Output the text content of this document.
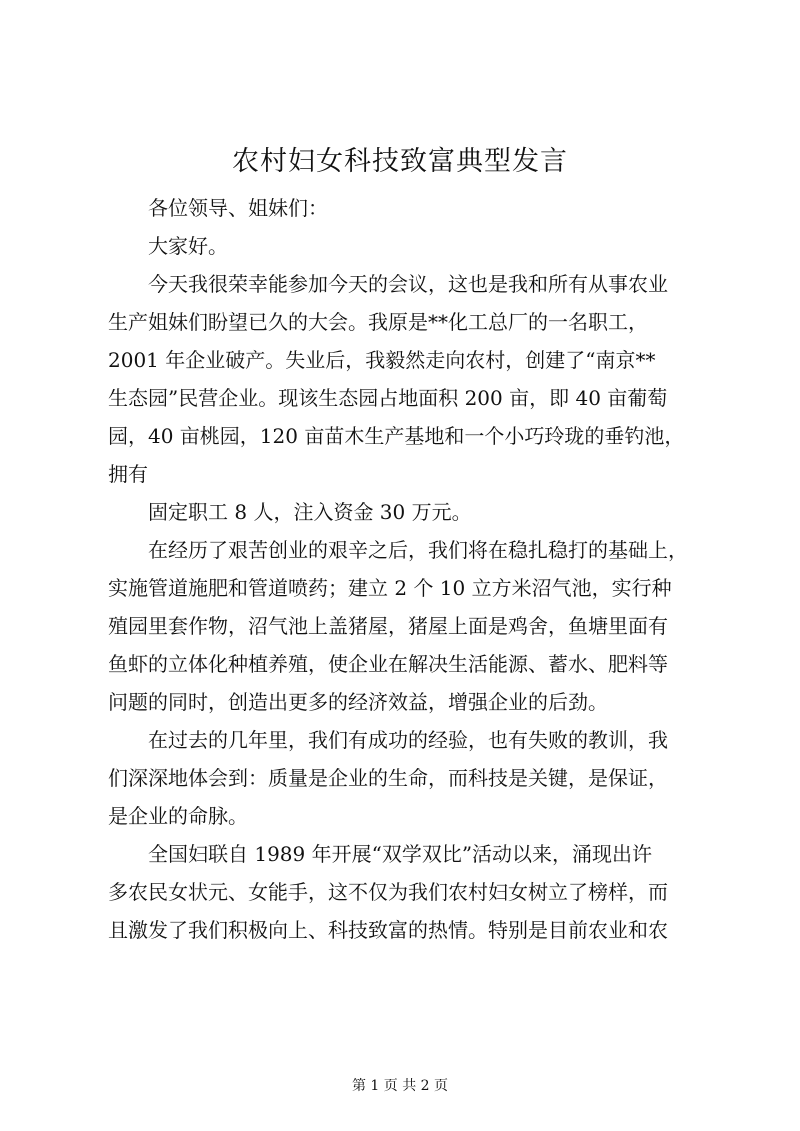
农村妇女科技致富典型发言

各位领导、姐妹们：

大家好。

今天我很荣幸能参加今天的会议，这也是我和所有从事农业
生产姐妹们盼望已久的大会。我原是**化工总厂的一名职工，
2001 年企业破产。失业后，我毅然走向农村，创建了“南京**
生态园”民营企业。现该生态园占地面积 200 亩，即 40 亩葡萄
园，40 亩桃园，120 亩苗木生产基地和一个小巧玲珑的垂钓池，
拥有

固定职工 8 人，注入资金 30 万元。

在经历了艰苦创业的艰辛之后，我们将在稳扎稳打的基础上，
实施管道施肥和管道喷药；建立 2 个 10 立方米沼气池，实行种
殖园里套作物，沼气池上盖猪屋，猪屋上面是鸡舍，鱼塘里面有
鱼虾的立体化种植养殖，使企业在解决生活能源、蓄水、肥料等
问题的同时，创造出更多的经济效益，增强企业的后劲。

在过去的几年里，我们有成功的经验，也有失败的教训，我
们深深地体会到：质量是企业的生命，而科技是关键，是保证，
是企业的命脉。

全国妇联自 1989 年开展“双学双比”活动以来，涌现出许
多农民女状元、女能手，这不仅为我们农村妇女树立了榜样，而
且激发了我们积极向上、科技致富的热情。特别是目前农业和农

第 1 页 共 2 页
